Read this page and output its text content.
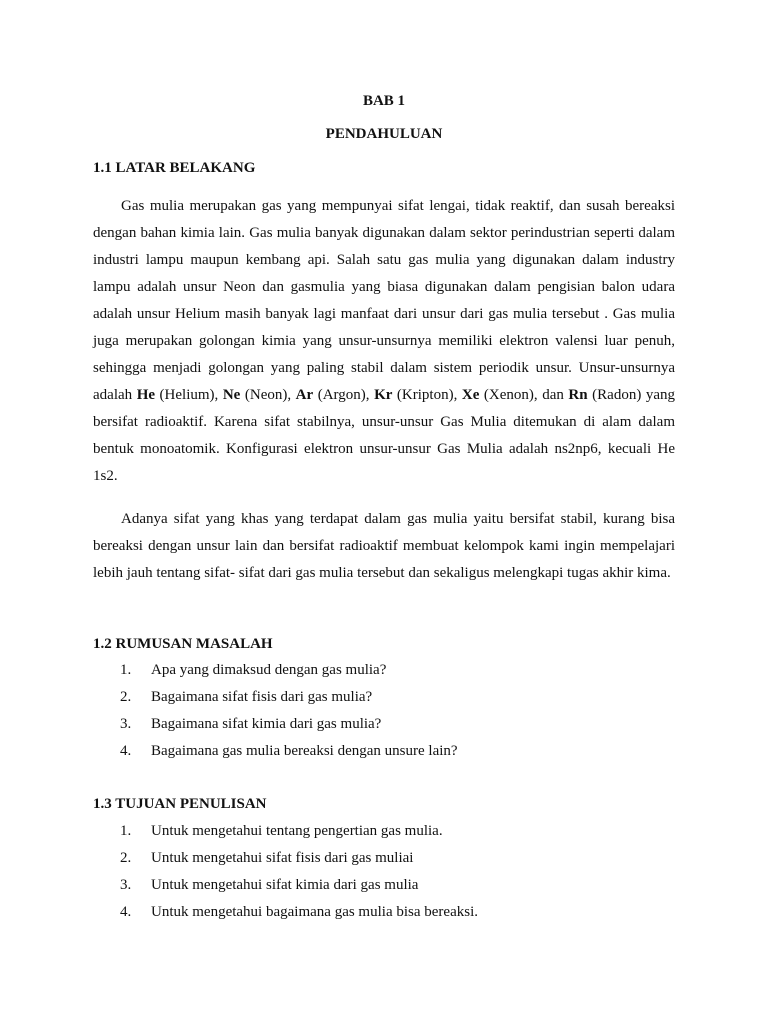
BAB 1
PENDAHULUAN
1.1 LATAR BELAKANG

Gas mulia merupakan gas yang mempunyai sifat lengai, tidak reaktif, dan susah bereaksi dengan bahan kimia lain. Gas mulia banyak digunakan dalam sektor perindustrian seperti dalam industri lampu maupun kembang api. Salah satu gas mulia yang digunakan dalam industry lampu adalah unsur Neon dan gasmulia yang biasa digunakan dalam pengisian balon udara adalah unsur Helium masih banyak lagi manfaat dari unsur dari gas mulia tersebut . Gas mulia juga merupakan golongan kimia yang unsur-unsurnya memiliki elektron valensi luar penuh, sehingga menjadi golongan yang paling stabil dalam sistem periodik unsur. Unsur-unsurnya adalah He (Helium), Ne (Neon), Ar (Argon), Kr (Kripton), Xe (Xenon), dan Rn (Radon) yang bersifat radioaktif. Karena sifat stabilnya, unsur-unsur Gas Mulia ditemukan di alam dalam bentuk monoatomik. Konfigurasi elektron unsur-unsur Gas Mulia adalah ns2np6, kecuali He 1s2.

Adanya sifat yang khas yang terdapat dalam gas mulia yaitu bersifat stabil, kurang bisa bereaksi dengan unsur lain dan bersifat radioaktif membuat kelompok kami ingin mempelajari lebih jauh tentang sifat- sifat dari gas mulia tersebut dan sekaligus melengkapi tugas akhir kima.

1.2 RUMUSAN MASALAH
1. Apa yang dimaksud dengan gas mulia?
2. Bagaimana sifat fisis dari gas mulia?
3. Bagaimana sifat kimia dari gas mulia?
4. Bagaimana gas mulia bereaksi dengan unsure lain?
1.3 TUJUAN PENULISAN
1. Untuk mengetahui tentang pengertian gas mulia.
2. Untuk mengetahui sifat fisis dari gas muliai
3. Untuk mengetahui sifat kimia dari gas mulia
4. Untuk mengetahui bagaimana gas mulia bisa bereaksi.
